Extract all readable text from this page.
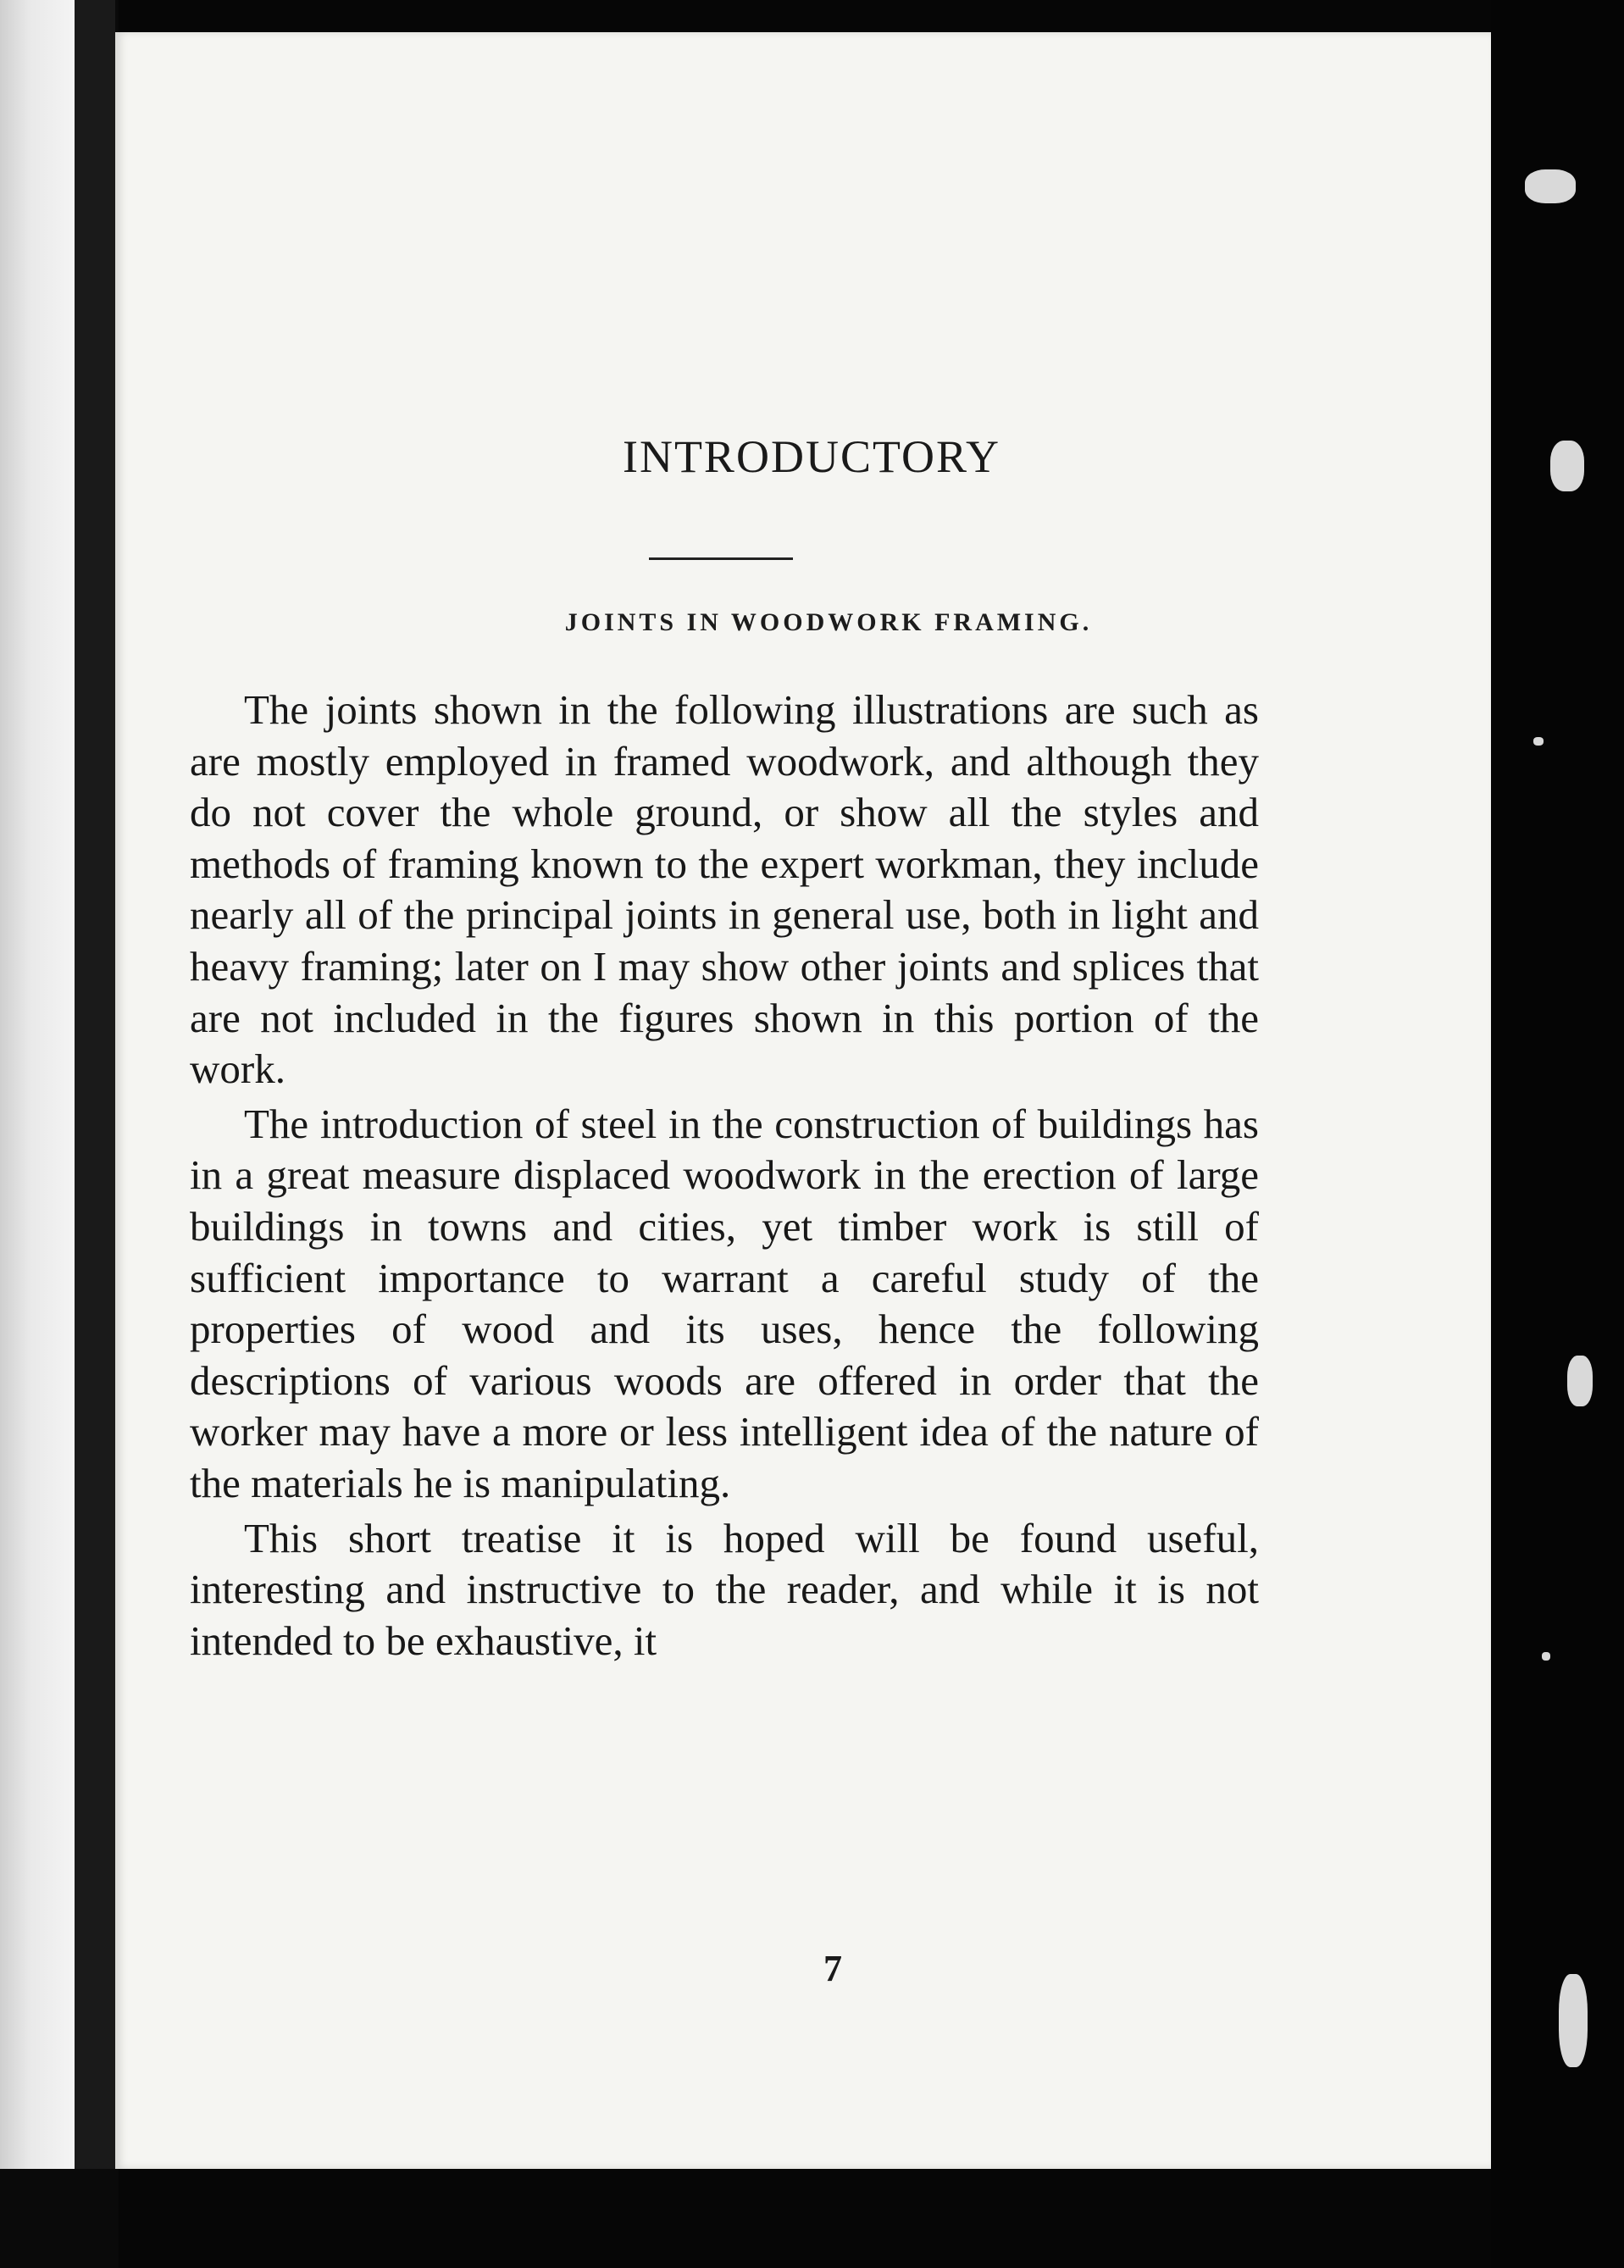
INTRODUCTORY
JOINTS IN WOODWORK FRAMING.

The joints shown in the following illustrations are such as are mostly employed in framed woodwork, and although they do not cover the whole ground, or show all the styles and methods of framing known to the expert workman, they include nearly all of the principal joints in general use, both in light and heavy framing; later on I may show other joints and splices that are not included in the figures shown in this portion of the work.

The introduction of steel in the construction of buildings has in a great measure displaced woodwork in the erection of large buildings in towns and cities, yet timber work is still of sufficient importance to warrant a careful study of the properties of wood and its uses, hence the following descriptions of various woods are offered in order that the worker may have a more or less intelligent idea of the nature of the materials he is manipulating.

This short treatise it is hoped will be found useful, interesting and instructive to the reader, and while it is not intended to be exhaustive, it

7
